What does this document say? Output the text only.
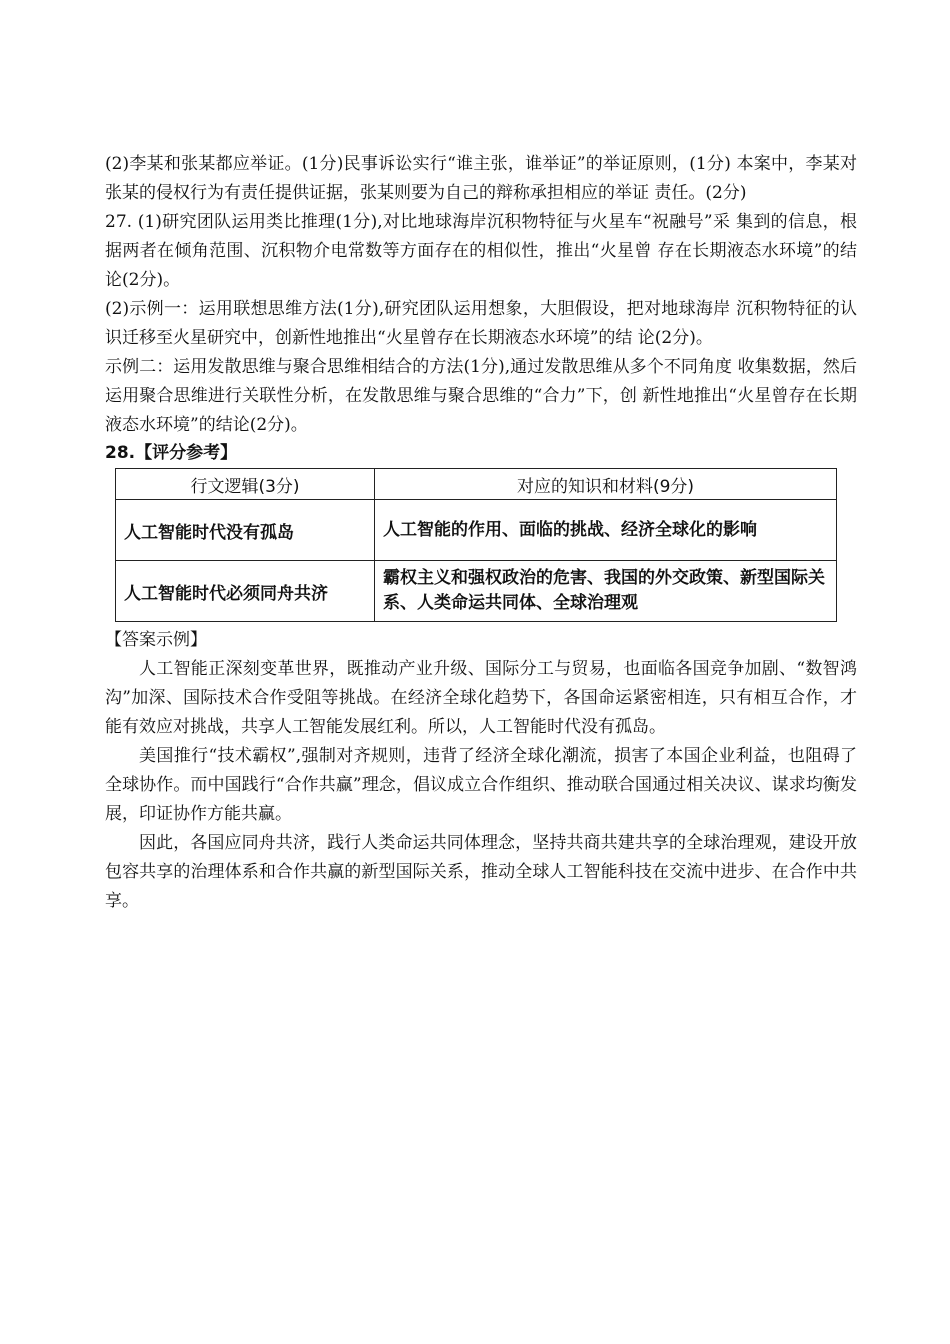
(2)李某和张某都应举证。(1分)民事诉讼实行“谁主张，谁举证”的举证原则，(1分) 本案中，李某对张某的侵权行为有责任提供证据，张某则要为自己的辩称承担相应的举证 责任。(2分)

27. (1)研究团队运用类比推理(1分),对比地球海岸沉积物特征与火星车“祝融号”采 集到的信息，根据两者在倾角范围、沉积物介电常数等方面存在的相似性，推出“火星曾 存在长期液态水环境”的结论(2分)。

(2)示例一：运用联想思维方法(1分),研究团队运用想象，大胆假设，把对地球海岸 沉积物特征的认识迁移至火星研究中，创新性地推出“火星曾存在长期液态水环境”的结 论(2分)。

示例二：运用发散思维与聚合思维相结合的方法(1分),通过发散思维从多个不同角度 收集数据，然后运用聚合思维进行关联性分析，在发散思维与聚合思维的“合力”下，创 新性地推出“火星曾存在长期液态水环境”的结论(2分)。

28.【评分参考】
行文逻辑(3分)	对应的知识和材料(9分)
人工智能时代没有孤岛	人工智能的作用、面临的挑战、经济全球化的影响
人工智能时代必须同舟共济	霸权主义和强权政治的危害、我国的外交政策、新型国际关系、人类命运共同体、全球治理观

【答案示例】

人工智能正深刻变革世界，既推动产业升级、国际分工与贸易，也面临各国竞争加剧、“数智鸿沟”加深、国际技术合作受阻等挑战。在经济全球化趋势下，各国命运紧密相连，只有相互合作，才能有效应对挑战，共享人工智能发展红利。所以，人工智能时代没有孤岛。

美国推行“技术霸权”,强制对齐规则，违背了经济全球化潮流，损害了本国企业利益，也阻碍了全球协作。而中国践行“合作共赢”理念，倡议成立合作组织、推动联合国通过相关决议、谋求均衡发展，印证协作方能共赢。

因此，各国应同舟共济，践行人类命运共同体理念，坚持共商共建共享的全球治理观，建设开放包容共享的治理体系和合作共赢的新型国际关系，推动全球人工智能科技在交流中进步、在合作中共享。
